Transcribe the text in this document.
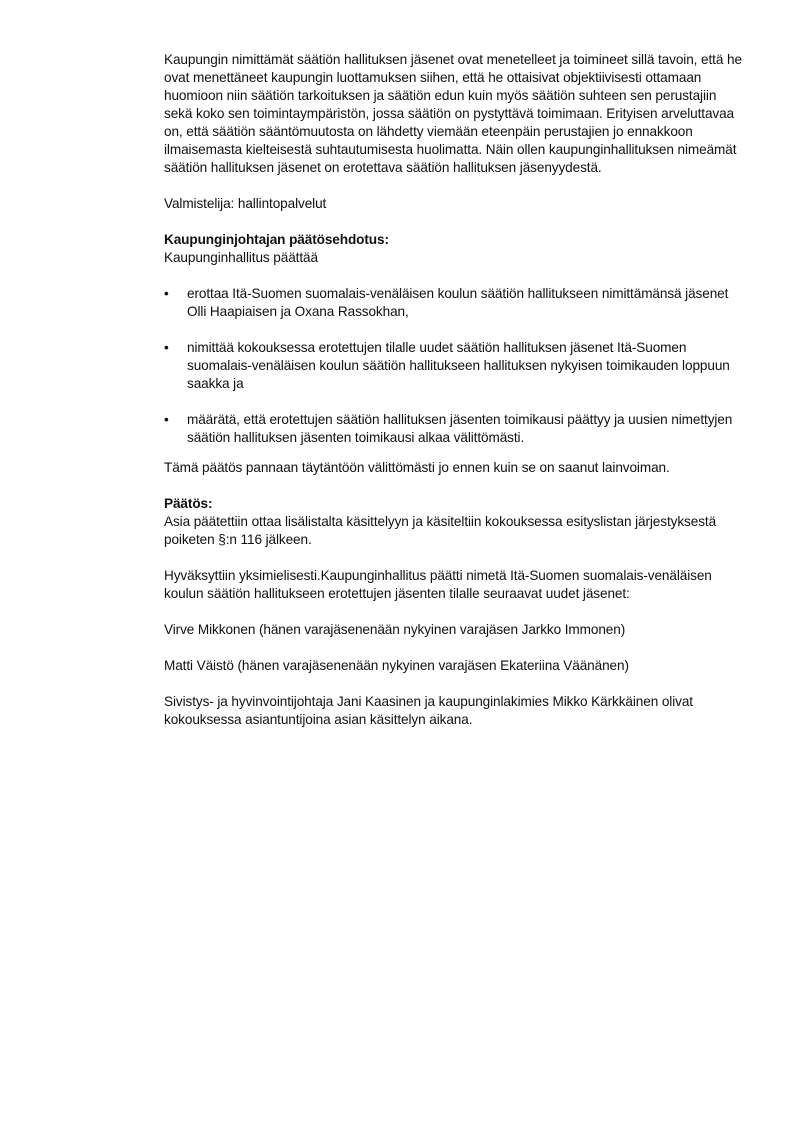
Kaupungin nimittämät säätiön hallituksen jäsenet ovat menetelleet ja toimineet sillä tavoin, että he ovat menettäneet kaupungin luottamuksen siihen, että he ottaisivat objektiivisesti ottamaan huomioon niin säätiön tarkoituksen ja säätiön edun kuin myös säätiön suhteen sen perustajiin sekä koko sen toimintaympäristön, jossa säätiön on pystyttävä toimimaan. Erityisen arveluttavaa on, että säätiön sääntömuutosta on lähdetty viemään eteenpäin perustajien jo ennakkoon ilmaisemasta kielteisestä suhtautumisesta huolimatta. Näin ollen kaupunginhallituksen nimeämät säätiön hallituksen jäsenet on erotettava säätiön hallituksen jäsenyydestä.

Valmistelija: hallintopalvelut

Kaupunginjohtajan päätösehdotus:

Kaupunginhallitus päättää

• erottaa Itä-Suomen suomalais-venäläisen koulun säätiön hallitukseen nimittämänsä jäsenet Olli Haapiaisen ja Oxana Rassokhan,
• nimittää kokouksessa erotettujen tilalle uudet säätiön hallituksen jäsenet Itä-Suomen suomalais-venäläisen koulun säätiön hallitukseen hallituksen nykyisen toimikauden loppuun saakka ja
• määrätä, että erotettujen säätiön hallituksen jäsenten toimikausi päättyy ja uusien nimettyjen säätiön hallituksen jäsenten toimikausi alkaa välittömästi.

Tämä päätös pannaan täytäntöön välittömästi jo ennen kuin se on saanut lainvoiman.

Päätös:

Asia päätettiin ottaa lisälistalta käsittelyyn ja käsiteltiin kokouksessa esityslistan järjestyksestä poiketen §:n 116 jälkeen.

Hyväksyttiin yksimielisesti.Kaupunginhallitus päätti nimetä Itä-Suomen suomalais-venäläisen koulun säätiön hallitukseen erotettujen jäsenten tilalle seuraavat uudet jäsenet:

Virve Mikkonen (hänen varajäsenenään nykyinen varajäsen Jarkko Immonen)

Matti Väistö (hänen varajäsenenään nykyinen varajäsen Ekateriina Väänänen)

Sivistys- ja hyvinvointijohtaja Jani Kaasinen ja kaupunginlakimies Mikko Kärkkäinen olivat kokouksessa asiantuntijoina asian käsittelyn aikana.
